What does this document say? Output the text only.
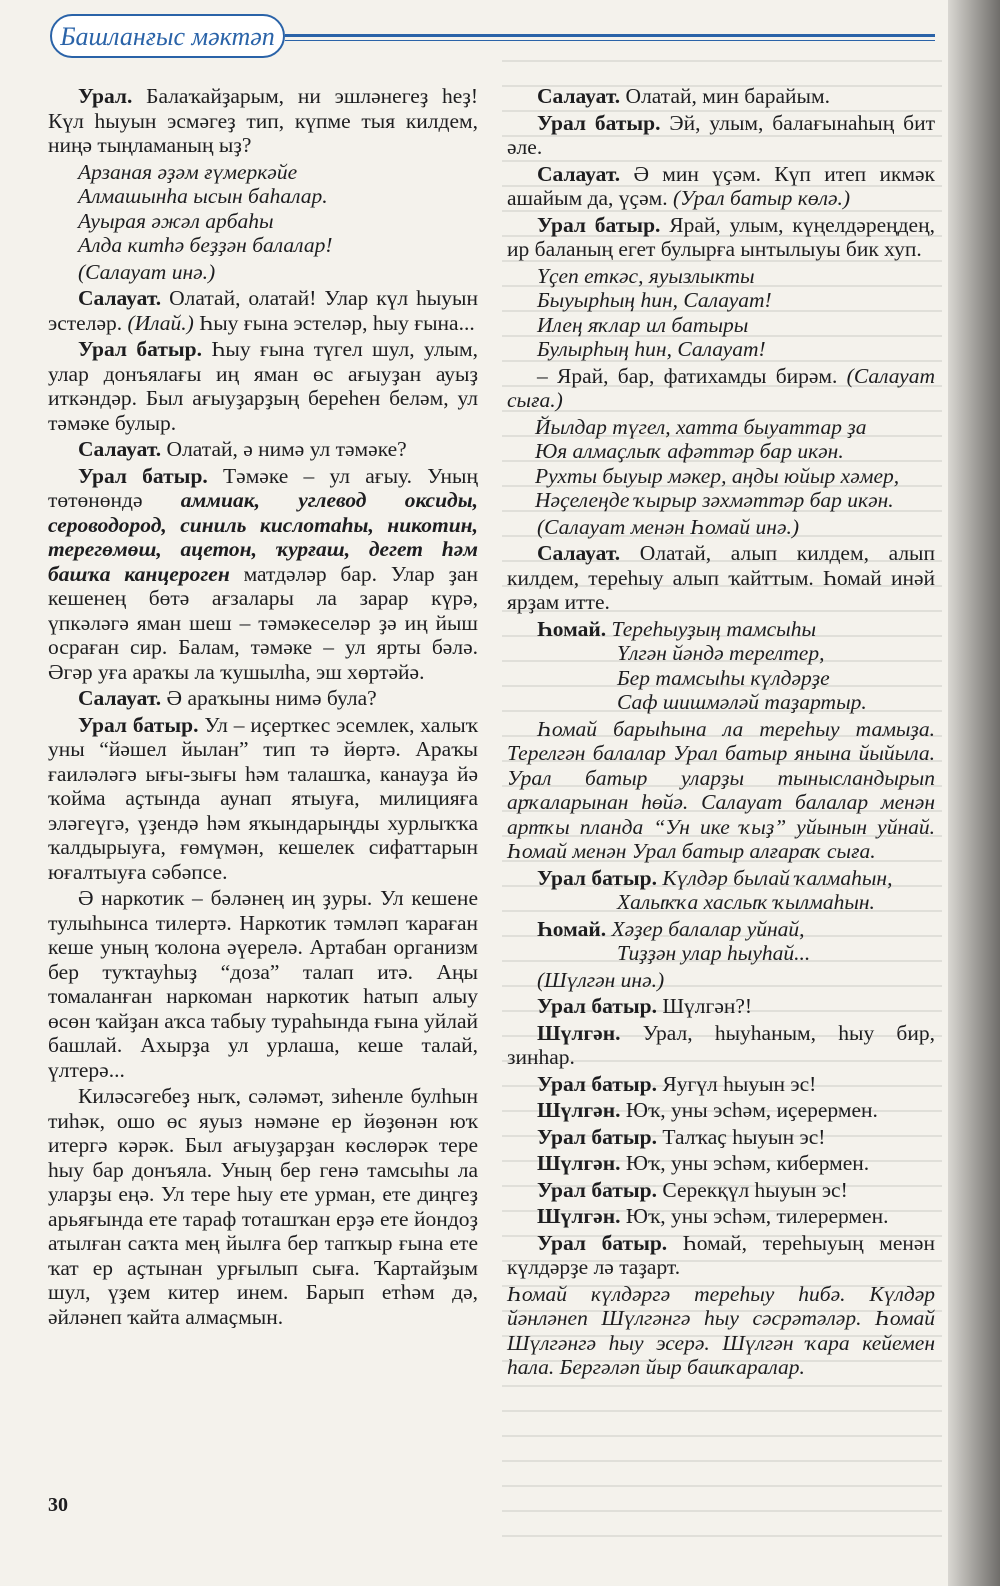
Башланғыс мәктәп

Урал. Балаҡайҙарым, ни эшләнегеҙ һеҙ! Күл һыуын эсмәгеҙ тип, күпме тыя килдем, ниңә тыңламаның ыҙ?

Арзаная әҙәм ғүмеркәйе
Алмашынһа ысын баһалар.
Ауырая әжәл арбаһы
Алда китһә беҙҙән балалар!

(Салауат инә.)

Салауат. Олатай, олатай! Улар күл һыуын эстеләр. (Илай.) Һыу ғына эстеләр, һыу ғына...

Урал батыр. Һыу ғына түгел шул, улым, улар донъялағы иң яман өс ағыуҙан ауыҙ иткәндәр. Был ағыуҙарҙың береһен беләм, ул тәмәке булыр.

Салауат. Олатай, ә нимә ул тәмәке?

Урал батыр. Тәмәке – ул ағыу. Уның төтөнөндә аммиак, углевод оксиды, сероводород, синиль кислотаһы, никотин, терегөмөш, ацетон, ҡурғаш, дегет һәм башҡа канцероген матдәләр бар. Улар ҙан кешенең бөтә ағзалары ла зарар күрә, үпкәләгә яман шеш – тәмәкеселәр ҙә иң йыш осраған сир. Балам, тәмәке – ул ярты бәлә. Әгәр уға араҡы ла ҡушылһа, эш хөртәйә.

Салауат. Ә араҡыны нимә була?

Урал батыр. Ул – иҫерткес эсемлек, халыҡ уны “йәшел йылан” тип тә йөртә. Араҡы ғаиләләгә ығы-зығы һәм талашҡа, канауҙа йә ҡойма аҫтында аунап ятыуға, милицияға эләгеүгә, үҙендә һәм яҡындарыңды хурлыҡҡа ҡалдырыуға, ғөмүмән, кешелек сифаттарын юғалтыуға сәбәпсе.

Ә наркотик – бәләнең иң ҙуры. Ул кешене тулыһынса тилертә. Наркотик тәмләп ҡараған кеше уның ҡолона әүерелә. Артабан организм бер туҡтауһыҙ “доза” талап итә. Аңы томаланған наркоман наркотик һатып алыу өсөн ҡайҙан аҡса табыу тураһында ғына уйлай башлай. Ахырҙа ул урлаша, кеше талай, үлтерә...

Киләсәгебеҙ ныҡ, сәләмәт, зиһенле булһын тиһәк, ошо өс яуыз нәмәне ер йөҙөнән юҡ итергә кәрәк. Был ағыуҙарҙан көслөрәк тере һыу бар донъяла. Уның бер генә тамсыһы ла уларҙы еңә. Ул тере һыу ете урман, ете диңгеҙ арьяғында ете тараф тоташҡан ерҙә ете йондоҙ атылған саҡта мең йылға бер тапҡыр ғына ете ҡат ер аҫтынан урғылып сыға. Ҡартайҙым шул, үҙем китер инем. Барып етһәм дә, әйләнеп ҡайта алмаҫмын.

Салауат. Олатай, мин барайым.

Урал батыр. Эй, улым, балағынаһың бит әле.

Салауат. Ә мин үҫәм. Күп итеп икмәк ашайым да, үҫәм. (Урал батыр көлә.)

Урал батыр. Ярай, улым, күңелдәреңдең, ир баланың егет булырға ынтылыуы бик хуп.

Үҫеп еткәс, яуызлыкты
Быуырһың һин, Салауат!
Илең яҡлар ил батыры
Булырһың һин, Салауат!

– Ярай, бар, фатихамды бирәм. (Салауат сыға.)

Йылдар түгел, хатта быуаттар ҙа
Юя алмаҫлыҡ афәттәр бар икән.
Рухты быуыр мәкер, аңды юйыр хәмер,
Нәҫелеңде ҡырыр зәхмәттәр бар икән.

(Салауат менән Һомай инә.)

Салауат. Олатай, алып килдем, алып килдем, тереһыу алып ҡайттым. Һомай инәй ярҙам итте.

Һомай. Тереһыуҙың тамсыһы
Үлгән йәндә терелтер,
Бер тамсыһы күлдәрҙе
Саф шишмәләй таҙартыр.

Һомай барыһына ла тереһыу тамыҙа. Терелгән балалар Урал батыр янына йыйыла. Урал батыр уларҙы тынысландырып арҡаларынан һөйә. Салауат балалар менән артҡы планда “Ун ике ҡыҙ” уйынын уйнай. Һомай менән Урал батыр алғараҡ сыға.

Урал батыр. Күлдәр былай ҡалмаһын,
Халыҡҡа хаслыҡ ҡылмаһын.

Һомай. Хәҙер балалар уйнай,
Тиҙҙән улар һыуһай...

(Шүлгән инә.)

Урал батыр. Шүлгән?!

Шүлгән. Урал, һыуһаным, һыу бир, зинһар.

Урал батыр. Яугүл һыуын эс!

Шүлгән. Юҡ, уны эсһәм, иҫерермен.

Урал батыр. Талҡаҫ һыуын эс!

Шүлгән. Юҡ, уны эсһәм, кибермен.

Урал батыр. Серекқүл һыуын эс!

Шүлгән. Юҡ, уны эсһәм, тилерермен.

Урал батыр. Һомай, тереһыуың менән күлдәрҙе лә таҙарт.

Һомай күлдәргә тереһыу һибә. Күлдәр йәнләнеп Шүлгәнгә һыу сәсрәтәләр. Һомай Шүлгәнгә һыу эсерә. Шүлгән ҡара кейемен һала. Бергәләп йыр башҡаралар.

30
